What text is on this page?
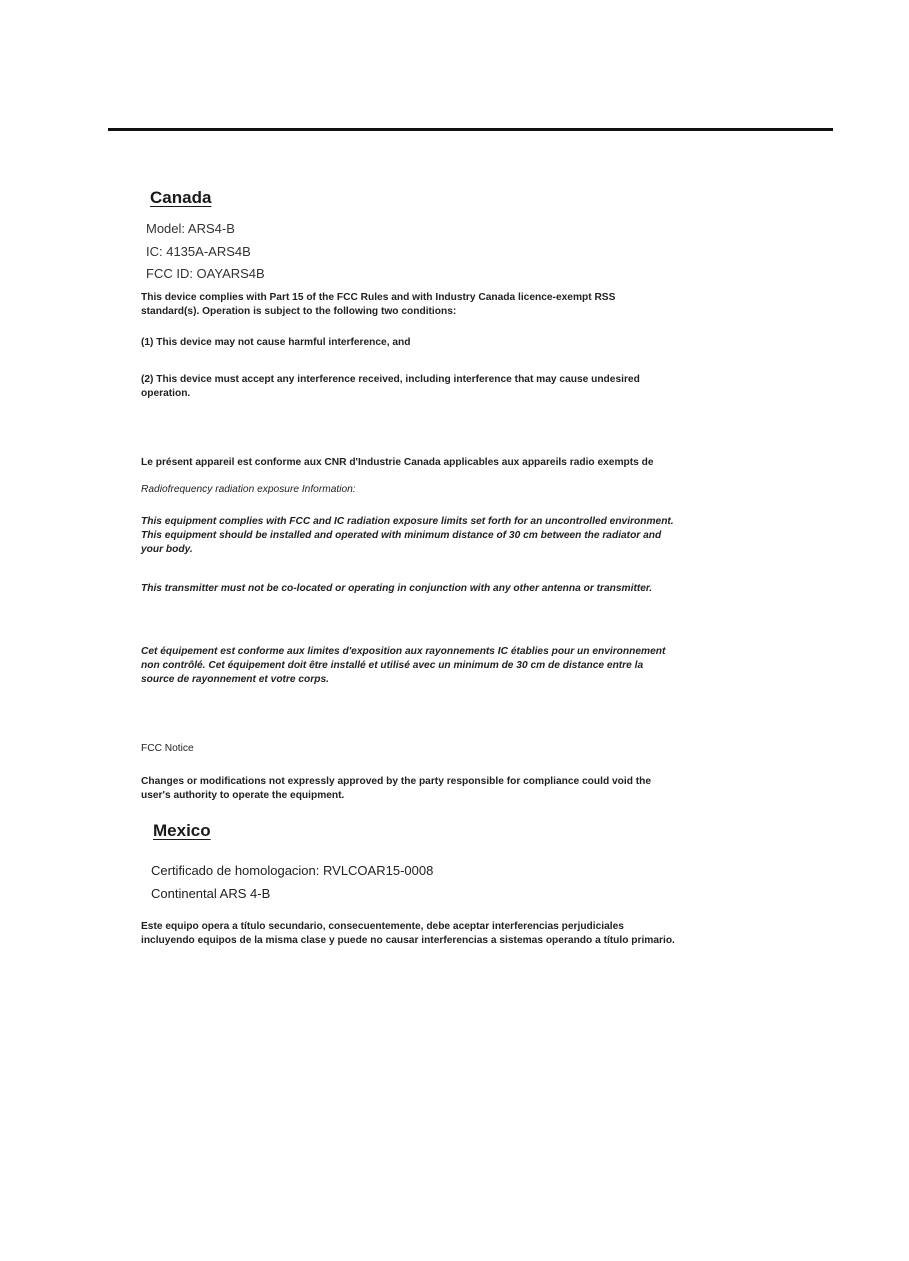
Canada
Model: ARS4-B
IC: 4135A-ARS4B
FCC ID: OAYARS4B

This device complies with Part 15 of the FCC Rules and with Industry Canada licence-exempt RSS

standard(s). Operation is subject to the following two conditions:

(1) This device may not cause harmful interference, and

(2) This device must accept any interference received, including interference that may cause undesired

operation.

Le présent appareil est conforme aux CNR d'Industrie Canada applicables aux appareils radio exempts de
Radiofrequency radiation exposure Information:

This equipment complies with FCC and IC radiation exposure limits set forth for an uncontrolled environment.

This equipment should be installed and operated with minimum distance of 30 cm between the radiator and

your body.

This transmitter must not be co-located or operating in conjunction with any other antenna or transmitter.

Cet équipement est conforme aux limites d'exposition aux rayonnements IC établies pour un environnement

non contrôlé. Cet équipement doit être installé et utilisé avec un minimum de 30 cm de distance entre la

source de rayonnement et votre corps.

FCC Notice

Changes or modifications not expressly approved by the party responsible for compliance could void the

user's authority to operate the equipment.

Mexico
Certificado de homologacion: RVLCOAR15-0008
Continental ARS 4-B

Este equipo opera a título secundario, consecuentemente, debe aceptar interferencias perjudiciales

incluyendo equipos de la misma clase y puede no causar interferencias a sistemas operando a título primario.
